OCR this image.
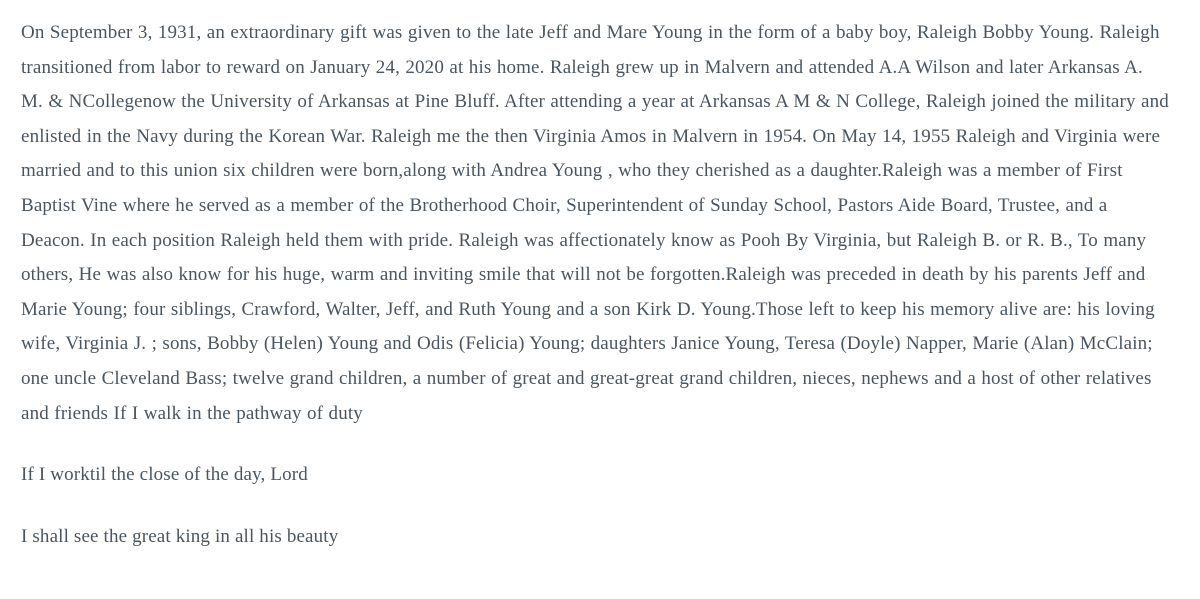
On September 3, 1931, an extraordinary gift was given to the late Jeff and Mare Young in the form of a baby boy, Raleigh Bobby Young. Raleigh transitioned from labor to reward on January 24, 2020 at his home. Raleigh grew up in Malvern and attended A.A Wilson and later Arkansas A. M. & NCollegenow the University of Arkansas at Pine Bluff. After attending a year at Arkansas A M & N College, Raleigh joined the military and enlisted in the Navy during the Korean War. Raleigh me the then Virginia Amos in Malvern in 1954. On May 14, 1955 Raleigh and Virginia were married and to this union six children were born,along with Andrea Young , who they cherished as a daughter.Raleigh was a member of First Baptist Vine where he served as a member of the Brotherhood Choir, Superintendent of Sunday School, Pastors Aide Board, Trustee, and a Deacon. In each position Raleigh held them with pride. Raleigh was affectionately know as Pooh By Virginia, but Raleigh B. or R. B., To many others, He was also know for his huge, warm and inviting smile that will not be forgotten.Raleigh was preceded in death by his parents Jeff and Marie Young; four siblings, Crawford, Walter, Jeff, and Ruth Young and a son Kirk D. Young.Those left to keep his memory alive are: his loving wife, Virginia J. ; sons, Bobby (Helen) Young and Odis (Felicia) Young; daughters Janice Young, Teresa (Doyle) Napper, Marie (Alan) McClain; one uncle Cleveland Bass; twelve grand children, a number of great and great-great grand children, nieces, nephews and a host of other relatives and friends If I walk in the pathway of duty

If I worktil the close of the day, Lord

I shall see the great king in all his beauty
